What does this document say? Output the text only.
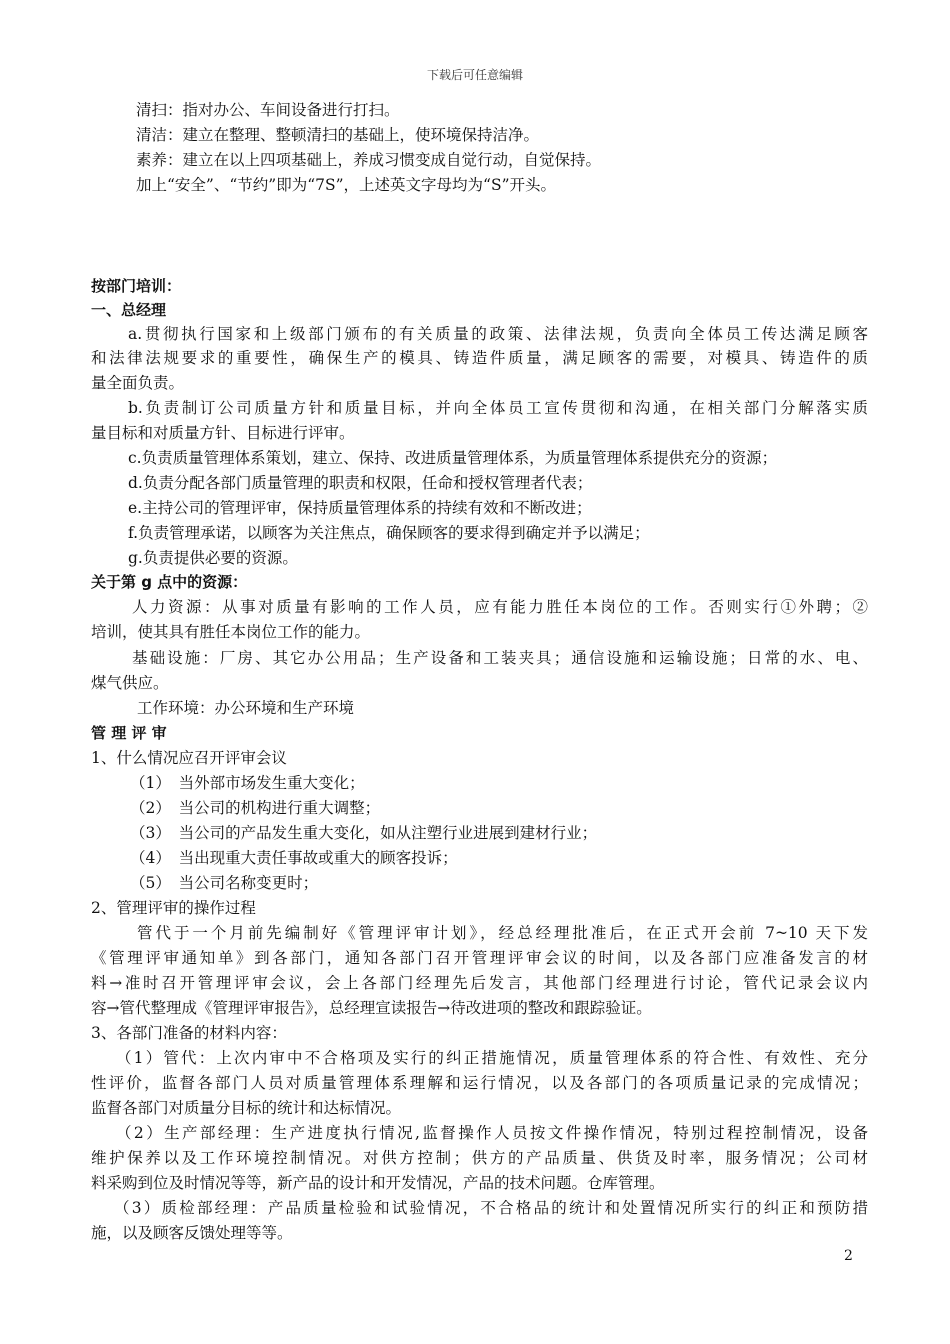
下载后可任意编辑
清扫：指对办公、车间设备进行打扫。
清洁：建立在整理、整顿清扫的基础上，使环境保持洁净。
素养：建立在以上四项基础上，养成习惯变成自觉行动，自觉保持。
加上“安全”、“节约”即为“7S”，上述英文字母均为“S”开头。
按部门培训：
一、总经理
a.贯彻执行国家和上级部门颁布的有关质量的政策、法律法规，负责向全体员工传达满足顾客
和法律法规要求的重要性，确保生产的模具、铸造件质量，满足顾客的需要，对模具、铸造件的质
量全面负责。
b.负责制订公司质量方针和质量目标，并向全体员工宣传贯彻和沟通，在相关部门分解落实质
量目标和对质量方针、目标进行评审。
c.负责质量管理体系策划，建立、保持、改进质量管理体系，为质量管理体系提供充分的资源；
d.负责分配各部门质量管理的职责和权限，任命和授权管理者代表；
e.主持公司的管理评审，保持质量管理体系的持续有效和不断改进；
f.负责管理承诺，以顾客为关注焦点，确保顾客的要求得到确定并予以满足；
g.负责提供必要的资源。
关于第 g 点中的资源：
人力资源：从事对质量有影响的工作人员，应有能力胜任本岗位的工作。否则实行①外聘；②
培训，使其具有胜任本岗位工作的能力。
基础设施：厂房、其它办公用品；生产设备和工装夹具；通信设施和运输设施；日常的水、电、
煤气供应。
工作环境：办公环境和生产环境
管 理 评 审
1、什么情况应召开评审会议
（1）　当外部市场发生重大变化；
（2）　当公司的机构进行重大调整；
（3）　当公司的产品发生重大变化，如从注塑行业进展到建材行业；
（4）　当出现重大责任事故或重大的顾客投诉；
（5）　当公司名称变更时；
2、管理评审的操作过程
管代于一个月前先编制好《管理评审计划》，经总经理批准后，在正式开会前 7~10 天下发
《管理评审通知单》到各部门，通知各部门召开管理评审会议的时间，以及各部门应准备发言的材
料→准时召开管理评审会议，会上各部门经理先后发言，其他部门经理进行讨论，管代记录会议内
容→管代整理成《管理评审报告》，总经理宣读报告→待改进项的整改和跟踪验证。
3、各部门准备的材料内容：
（1）管代：上次内审中不合格项及实行的纠正措施情况，质量管理体系的符合性、有效性、充分
性评价，监督各部门人员对质量管理体系理解和运行情况，以及各部门的各项质量记录的完成情况；
监督各部门对质量分目标的统计和达标情况。
（2）生产部经理：生产进度执行情况,监督操作人员按文件操作情况，特别过程控制情况，设备
维护保养以及工作环境控制情况。对供方控制；供方的产品质量、供货及时率，服务情况；公司材
料采购到位及时情况等等，新产品的设计和开发情况，产品的技术问题。仓库管理。
（3）质检部经理：产品质量检验和试验情况，不合格品的统计和处置情况所实行的纠正和预防措
施，以及顾客反馈处理等等。
2
